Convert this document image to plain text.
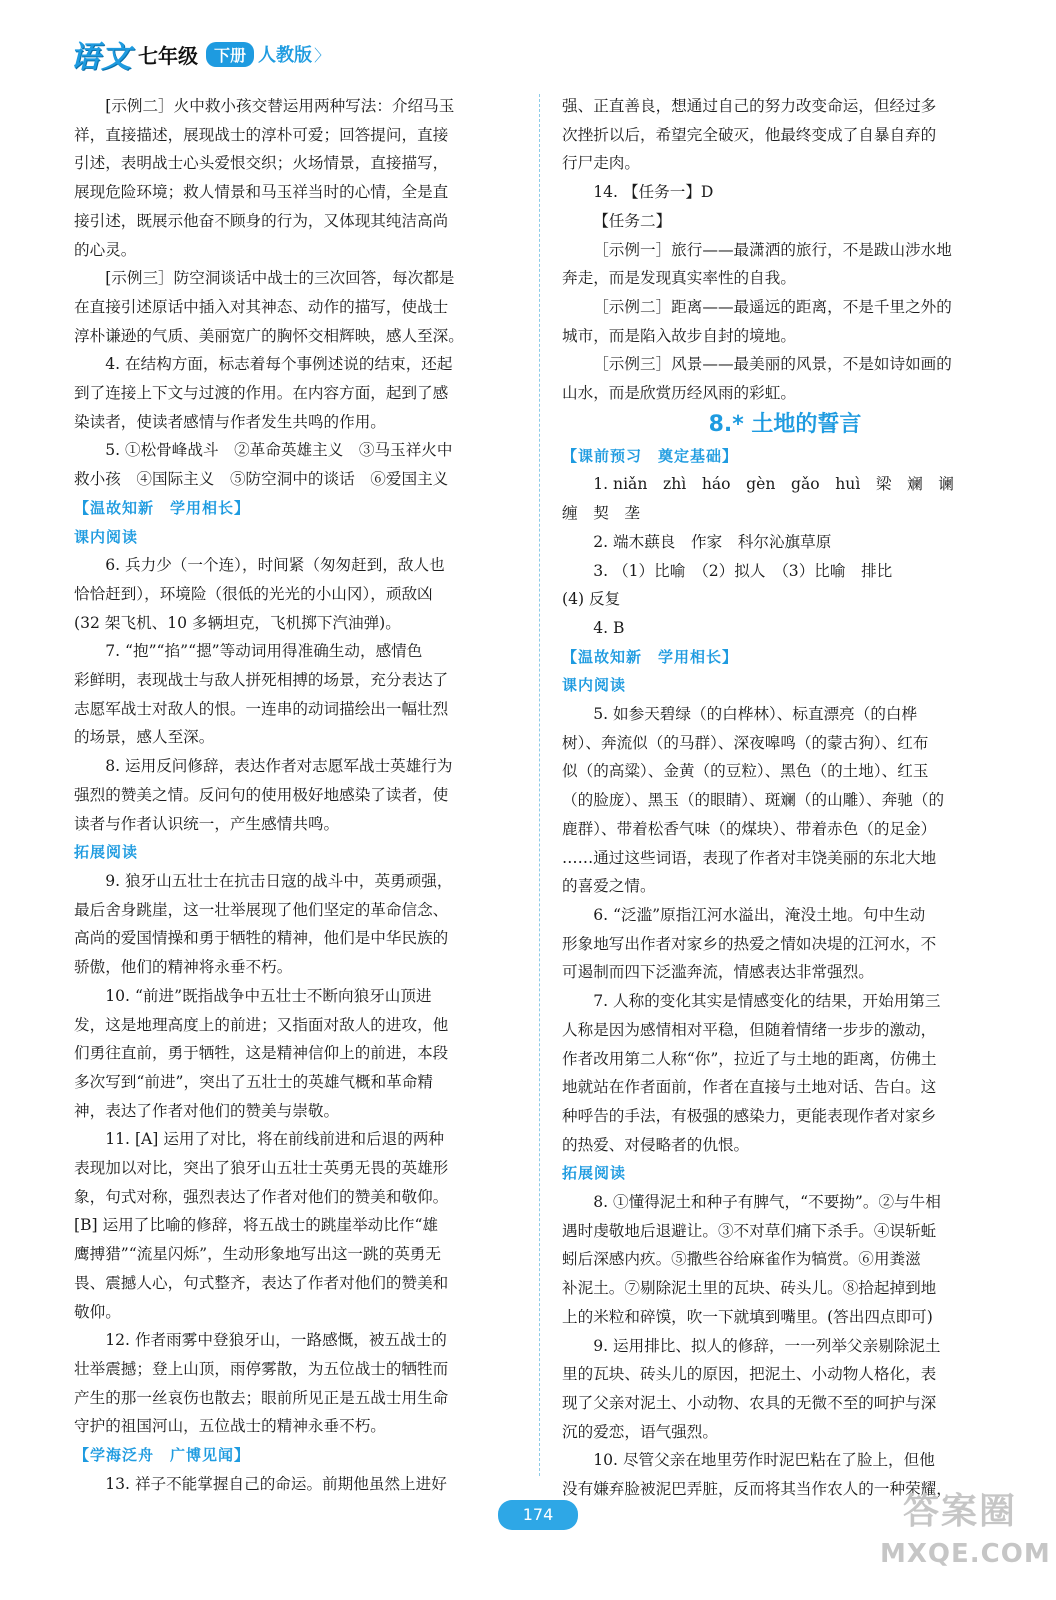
语文 七年级	下册 人教版 〉

[示例二］火中救小孩交替运用两种写法：介绍马玉

祥，直接描述，展现战士的淳朴可爱；回答提问，直接

引述，表明战士心头爱恨交织；火场情景，直接描写，

展现危险环境；救人情景和马玉祥当时的心情，全是直

接引述，既展示他奋不顾身的行为，又体现其纯洁高尚

的心灵。

[示例三］防空洞谈话中战士的三次回答，每次都是

在直接引述原话中插入对其神态、动作的描写，使战士

淳朴谦逊的气质、美丽宽广的胸怀交相辉映，感人至深。

4. 在结构方面，标志着每个事例述说的结束，还起

到了连接上下文与过渡的作用。在内容方面，起到了感

染读者，使读者感情与作者发生共鸣的作用。

5. ①松骨峰战斗　②革命英雄主义　③马玉祥火中

救小孩　④国际主义　⑤防空洞中的谈话　⑥爱国主义

【温故知新　学用相长】

课内阅读

6. 兵力少（一个连），时间紧（匆匆赶到，敌人也

恰恰赶到），环境险（很低的光光的小山冈），顽敌凶

(32 架飞机、10 多辆坦克，飞机掷下汽油弹)。

7. “抱”“掐”“摁”等动词用得准确生动，感情色

彩鲜明，表现战士与敌人拼死相搏的场景，充分表达了

志愿军战士对敌人的恨。一连串的动词描绘出一幅壮烈

的场景，感人至深。

8. 运用反问修辞，表达作者对志愿军战士英雄行为

强烈的赞美之情。反问句的使用极好地感染了读者，使

读者与作者认识统一，产生感情共鸣。

拓展阅读

9. 狼牙山五壮士在抗击日寇的战斗中，英勇顽强，

最后舍身跳崖，这一壮举展现了他们坚定的革命信念、

高尚的爱国情操和勇于牺牲的精神，他们是中华民族的

骄傲，他们的精神将永垂不朽。

10. “前进”既指战争中五壮士不断向狼牙山顶进

发，这是地理高度上的前进；又指面对敌人的进攻，他

们勇往直前，勇于牺牲，这是精神信仰上的前进，本段

多次写到“前进”，突出了五壮士的英雄气概和革命精

神，表达了作者对他们的赞美与崇敬。

11. [A] 运用了对比，将在前线前进和后退的两种

表现加以对比，突出了狼牙山五壮士英勇无畏的英雄形

象，句式对称，强烈表达了作者对他们的赞美和敬仰。

[B] 运用了比喻的修辞，将五战士的跳崖举动比作“雄

鹰搏猎”“流星闪烁”，生动形象地写出这一跳的英勇无

畏、震撼人心，句式整齐，表达了作者对他们的赞美和

敬仰。

12. 作者雨雾中登狼牙山，一路感慨，被五战士的

壮举震撼；登上山顶，雨停雾散，为五位战士的牺牲而

产生的那一丝哀伤也散去；眼前所见正是五战士用生命

守护的祖国河山，五位战士的精神永垂不朽。

【学海泛舟　广博见闻】

13. 祥子不能掌握自己的命运。前期他虽然上进好

强、正直善良，想通过自己的努力改变命运，但经过多

次挫折以后，希望完全破灭，他最终变成了自暴自弃的

行尸走肉。

14. 【任务一】D

【任务二】

［示例一］旅行——最潇洒的旅行，不是跋山涉水地

奔走，而是发现真实率性的自我。

［示例二］距离——最遥远的距离，不是千里之外的

城市，而是陷入故步自封的境地。

［示例三］风景——最美丽的风景，不是如诗如画的

山水，而是欣赏历经风雨的彩虹。

8.* 土地的誓言

【课前预习　奠定基础】

1. niǎn　zhì　háo　gèn　gǎo　huì　梁　斓　谰

缠　契　垄

2. 端木蕻良　作家　科尔沁旗草原

3. （1）比喻　（2）拟人　（3）比喻　排比

(4) 反复

4. B

【温故知新　学用相长】

课内阅读

5. 如参天碧绿（的白桦林）、标直漂亮（的白桦

树）、奔流似（的马群）、深夜嗥鸣（的蒙古狗）、红布

似（的高粱）、金黄（的豆粒）、黑色（的土地）、红玉

（的脸庞）、黑玉（的眼睛）、斑斓（的山雕）、奔驰（的

鹿群）、带着松香气味（的煤块）、带着赤色（的足金）

……通过这些词语，表现了作者对丰饶美丽的东北大地

的喜爱之情。

6. “泛滥”原指江河水溢出，淹没土地。句中生动

形象地写出作者对家乡的热爱之情如决堤的江河水，不

可遏制而四下泛滥奔流，情感表达非常强烈。

7. 人称的变化其实是情感变化的结果，开始用第三

人称是因为感情相对平稳，但随着情绪一步步的激动，

作者改用第二人称“你”，拉近了与土地的距离，仿佛土

地就站在作者面前，作者在直接与土地对话、告白。这

种呼告的手法，有极强的感染力，更能表现作者对家乡

的热爱、对侵略者的仇恨。

拓展阅读

8. ①懂得泥土和种子有脾气，“不要拗”。②与牛相

遇时虔敬地后退避让。③不对草们痛下杀手。④误斩蚯

蚓后深感内疚。⑤撒些谷给麻雀作为犒赏。⑥用粪滋

补泥土。⑦剔除泥土里的瓦块、砖头儿。⑧拾起掉到地

上的米粒和碎馍，吹一下就填到嘴里。(答出四点即可)

9. 运用排比、拟人的修辞，一一列举父亲剔除泥土

里的瓦块、砖头儿的原因，把泥土、小动物人格化，表

现了父亲对泥土、小动物、农具的无微不至的呵护与深

沉的爱恋，语气强烈。

10. 尽管父亲在地里劳作时泥巴粘在了脸上，但他

没有嫌弃脸被泥巴弄脏，反而将其当作农人的一种荣耀，

174	答案圈
MXQE.COM
